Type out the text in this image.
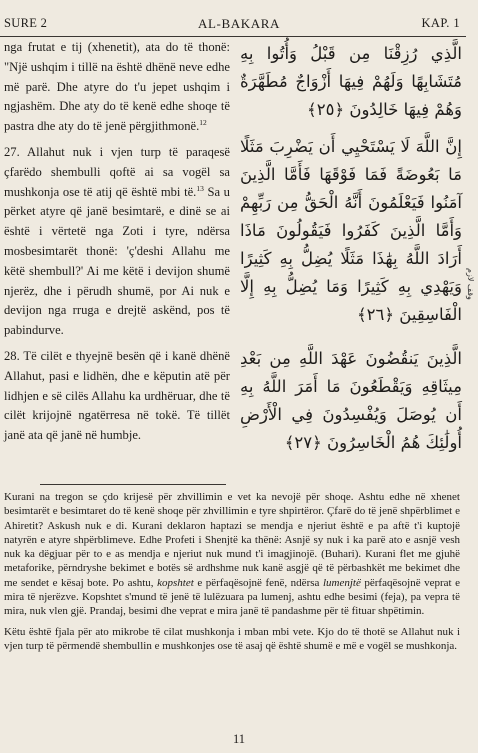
SURE 2	AL-BAKARA	KAP. 1

nga frutat e tij (xhenetit), ata do të thonë: "Një ushqim i tillë na është dhënë neve edhe më parë. Dhe atyre do t'u jepet ushqim i ngjashëm. Dhe aty do të kenë edhe shoqe të pastra dhe aty do të jenë përgjithmonë.$^{12}$

27. Allahut nuk i vjen turp të paraqesë çfarëdo shembulli qoftë ai sa vogël sa mushkonja ose të atij që është mbi të.$^{13}$ Sa u përket atyre që janë besimtarë, e dinë se ai është i vërtetë nga Zoti i tyre, ndërsa mosbesimtarët thonë: 'ç'deshi Allahu me këtë shembull?' Ai me këtë i devijon shumë njerëz, dhe i përudh shumë, por Ai nuk e devijon nga rruga e drejtë askënd, pos të pabindurve.

28. Të cilët e thyejnë besën që i kanë dhënë Allahut, pasi e lidhën, dhe e këputin atë për lidhjen e së cilës Allahu ka urdhëruar, dhe të cilët krijojnë ngatërresa në tokë. Të tillët janë ata që janë në humbje.

الَّذِي رُزِقْنَا مِن قَبْلُ وَأُتُوا بِهِ مُتَشَابِهًا وَلَهُمْ فِيهَا أَزْوَاجٌ مُطَهَّرَةٌ وَهُمْ فِيهَا خَالِدُونَ ﴿٢٥﴾

إِنَّ اللَّهَ لَا يَسْتَحْيِي أَن يَضْرِبَ مَثَلًا مَا بَعُوضَةً فَمَا فَوْقَهَا فَأَمَّا الَّذِينَ آمَنُوا فَيَعْلَمُونَ أَنَّهُ الْحَقُّ مِن رَبِّهِمْ وَأَمَّا الَّذِينَ كَفَرُوا فَيَقُولُونَ مَاذَا أَرَادَ اللَّهُ بِهَٰذَا مَثَلًا يُضِلُّ بِهِ كَثِيرًا وَيَهْدِي بِهِ كَثِيرًا وَمَا يُضِلُّ بِهِ إِلَّا الْفَاسِقِينَ ﴿٢٦﴾

الَّذِينَ يَنقُضُونَ عَهْدَ اللَّهِ مِن بَعْدِ مِيثَاقِهِ وَيَقْطَعُونَ مَا أَمَرَ اللَّهُ بِهِ أَن يُوصَلَ وَيُفْسِدُونَ فِي الْأَرْضِ أُولَٰئِكَ هُمُ الْخَاسِرُونَ ﴿٢٧﴾

وقف لازم

Kurani na tregon se çdo krijesë për zhvillimin e vet ka nevojë për shoqe. Ashtu edhe në xhenet besimtarët e besimtaret do të kenë shoqe për zhvillimin e tyre shpirtëror. Çfarë do të jenë shpërblimet e Ahiretit? Askush nuk e di. Kurani deklaron haptazi se mendja e njeriut është e pa aftë t'i kuptojë natyrën e atyre shpërblimeve. Edhe Profeti i Shenjtë ka thënë: Asnjë sy nuk i ka parë ato e asnjë vesh nuk ka dëgjuar për to e as mendja e njeriut nuk mund t'i imagjinojë. (Buhari). Kurani flet me gjuhë metaforike, përndryshe bekimet e botës së ardhshme nuk kanë asgjë që të përbashkët me bekimet dhe me sendet e kësaj bote. Po ashtu, kopshtet e përfaqësojnë fenë, ndërsa lumenjtë përfaqësojnë veprat e mira të njerëzve. Kopshtet s'mund të jenë të lulëzuara pa lumenj, ashtu edhe besimi (feja), pa vepra të mira, nuk vlen gjë. Prandaj, besimi dhe veprat e mira janë të pandashme për të fituar shpëtimin.

Këtu është fjala për ato mikrobe të cilat mushkonja i mban mbi vete. Kjo do të thotë se Allahut nuk i vjen turp të përmendë shembullin e mushkonjes ose të asaj që është shumë e më e vogël se mushkonja.

11
